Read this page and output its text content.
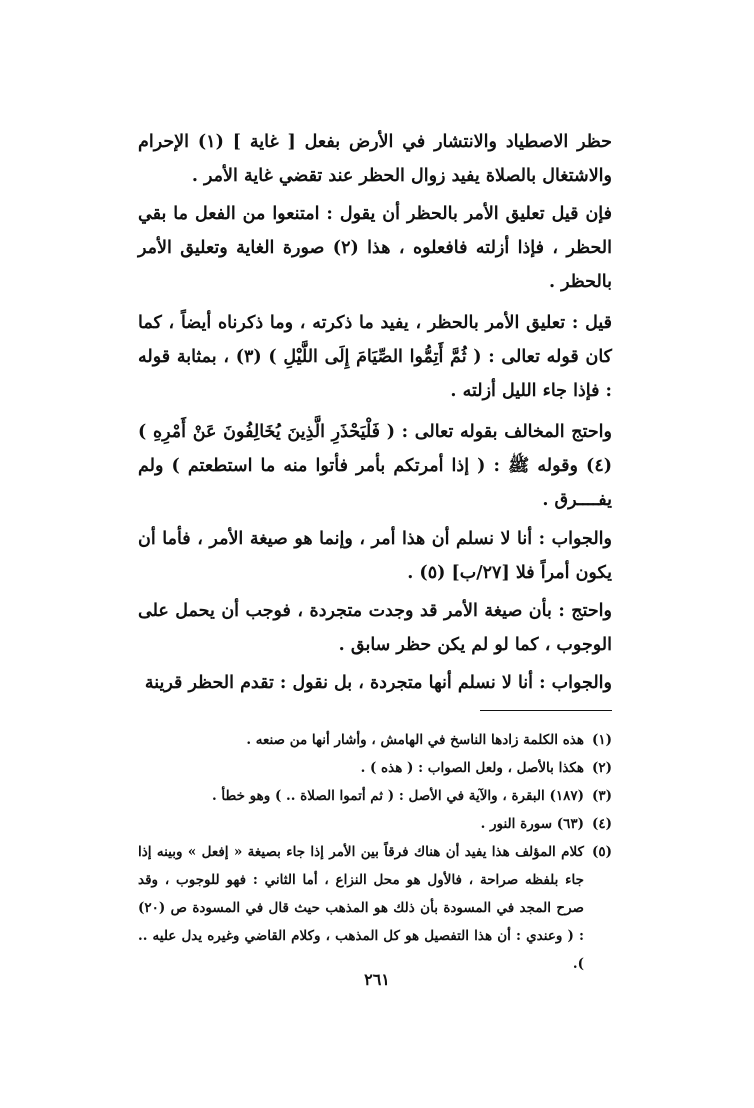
حظر الاصطياد والانتشار في الأرض بفعل [ غاية ] (١) الإحرام والاشتغال بالصلاة يفيد زوال الحظر عند تقضي غاية الأمر .

فإن قيل تعليق الأمر بالحظر أن يقول : امتنعوا من الفعل ما بقي الحظر ، فإذا أزلته فافعلوه ، هذا (٢) صورة الغاية وتعليق الأمر بالحظر .

قيل : تعليق الأمر بالحظر ، يفيد ما ذكرته ، وما ذكرناه أيضاً ، كما كان قوله تعالى : ( ثُمَّ أَتِمُّوا الصِّيَامَ إِلَى اللَّيْلِ ) (٣) ، بمثابة قوله : فإذا جاء الليل أزلته .

واحتج المخالف بقوله تعالى : ( فَلْيَحْذَرِ الَّذِينَ يُخَالِفُونَ عَنْ أَمْرِهِ ) (٤) وقوله ﷺ : ( إذا أمرتكم بأمر فأتوا منه ما استطعتم ) ولم يفــــرق .

والجواب : أنا لا نسلم أن هذا أمر ، وإنما هو صيغة الأمر ، فأما أن يكون أمراً فلا [٢٧/ب] (٥) .

واحتج : بأن صيغة الأمر قد وجدت متجردة ، فوجب أن يحمل على الوجوب ، كما لو لم يكن حظر سابق .

والجواب : أنا لا نسلم أنها متجردة ، بل نقول : تقدم الحظر قرينة

(١)
هذه الكلمة زادها الناسخ في الهامش ، وأشار أنها من صنعه .
(٢)
هكذا بالأصل ، ولعل الصواب : ( هذه ) .
(٣)
(١٨٧) البقرة ، والآية في الأصل : ( ثم أتموا الصلاة .. ) وهو خطأ .
(٤)
(٦٣) سورة النور .
(٥)
كلام المؤلف هذا يفيد أن هناك فرقاً بين الأمر إذا جاء بصيغة « إفعل » وبينه إذا جاء بلفظه صراحة ، فالأول هو محل النزاع ، أما الثاني : فهو للوجوب ، وقد صرح المجد في المسودة بأن ذلك هو المذهب حيث قال في المسودة ص (٢٠) : ( وعندي : أن هذا التفصيل هو كل المذهب ، وكلام القاضي وغيره يدل عليه .. ).
٢٦١
